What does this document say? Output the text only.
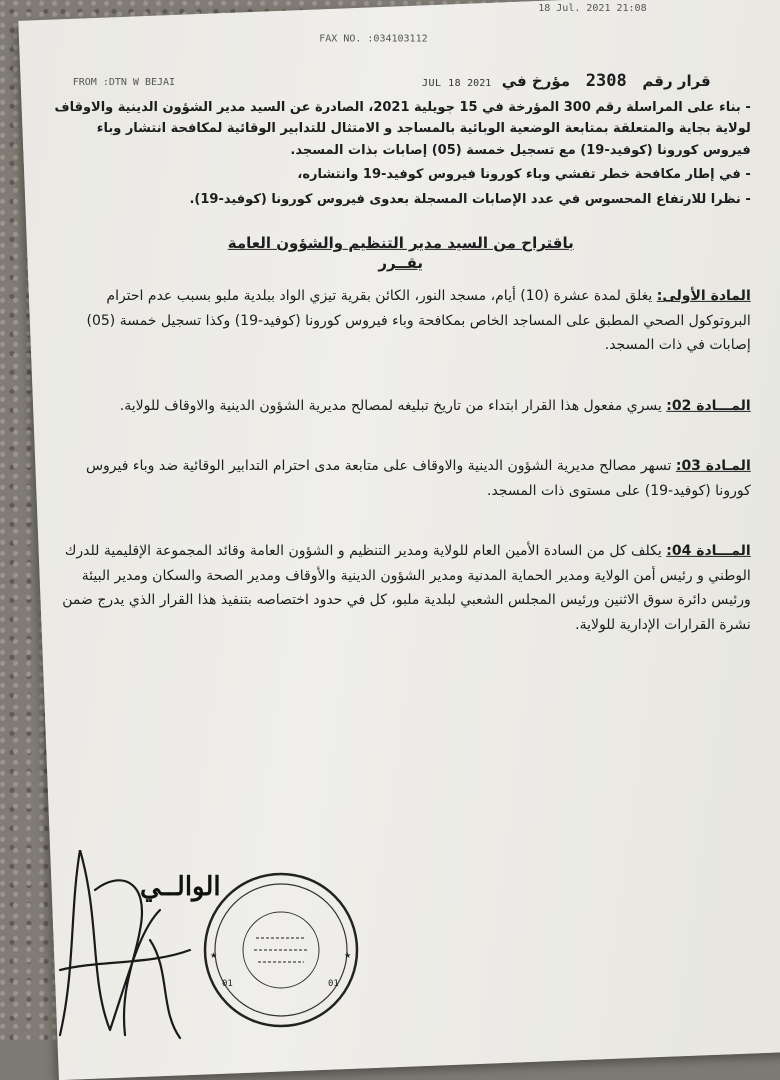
18 Jul. 2021 21:08
FAX NO. :034103112
FROM :DTN W BEJAI	قرار رقم   2308   مؤرخ في  2021 JUL 18

- بناء على المراسلة رقم 300 المؤرخة في 15 جويلية 2021، الصادرة عن السيد مدير الشؤون الدينية والاوقاف لولاية بجاية والمتعلقة بمتابعة الوضعية الوبائية بالمساجد و الامتثال للتدابير الوقائية لمكافحة انتشار وباء فيروس كورونا (كوفيد-19) مع تسجيل خمسة (05) إصابات بذات المسجد.

- في إطار مكافحة خطر تفشي وباء كورونا فيروس كوفيد-19 وانتشاره،

- نظرا للارتفاع المحسوس في عدد الإصابات المسجلة بعدوى فيروس كورونا (كوفيد-19).

باقتراح من السيد مدير التنظيم والشؤون العامة
يقــرر
المادة الأولى: يغلق لمدة عشرة (10) أيام، مسجد النور، الكائن بقرية تيزي الواد ببلدية ملبو بسبب عدم احترام البروتوكول الصحي المطبق على المساجد الخاص بمكافحة وباء فيروس كورونا (كوفيد-19) وكذا تسجيل خمسة (05) إصابات في ذات المسجد.
المـــادة 02: يسري مفعول هذا القرار ابتداء من تاريخ تبليغه لمصالح مديرية الشؤون الدينية والاوقاف للولاية.
المـادة 03: تسهر مصالح مديرية الشؤون الدينية والاوقاف على متابعة مدى احترام التدابير الوقائية ضد وباء فيروس كورونا (كوفيد-19) على مستوى ذات المسجد.
المـــادة 04: يكلف كل من السادة الأمين العام للولاية ومدير التنظيم و الشؤون العامة وقائد المجموعة الإقليمية للدرك الوطني و رئيس أمن الولاية ومدير الحماية المدنية ومدير الشؤون الدينية والأوقاف ومدير الصحة والسكان ومدير البيئة ورئيس دائرة سوق الاثنين ورئيس المجلس الشعبي لبلدية ملبو، كل في حدود اختصاصه بتنفيذ هذا القرار الذي يدرج ضمن نشرة القرارات الإدارية للولاية.
الوالــي
★	★
01	01
